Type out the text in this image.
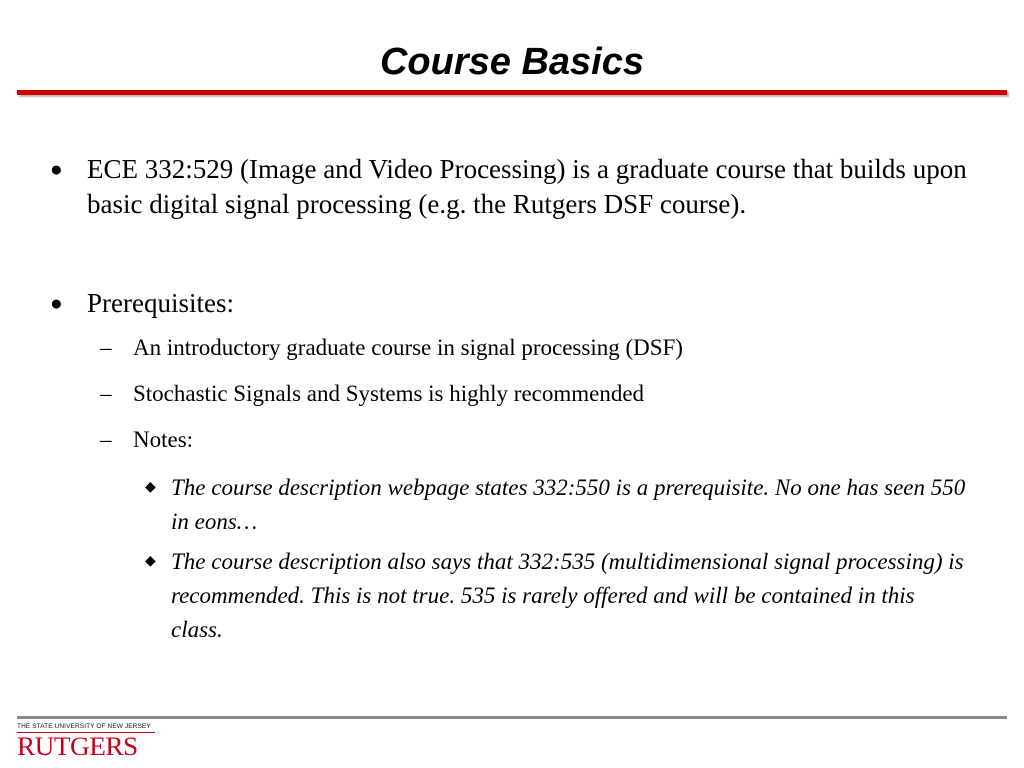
Course Basics
● ECE 332:529 (Image and Video Processing) is a graduate course that builds upon basic digital signal processing (e.g. the Rutgers DSF course).
● Prerequisites:
– An introductory graduate course in signal processing (DSF)
– Stochastic Signals and Systems is highly recommended
– Notes:
◆ The course description webpage states 332:550 is a prerequisite. No one has seen 550 in eons…
◆ The course description also says that 332:535 (multidimensional signal processing) is recommended. This is not true. 535 is rarely offered and will be contained in this class.
THE STATE UNIVERSITY OF NEW JERSEY
RUTGERS
